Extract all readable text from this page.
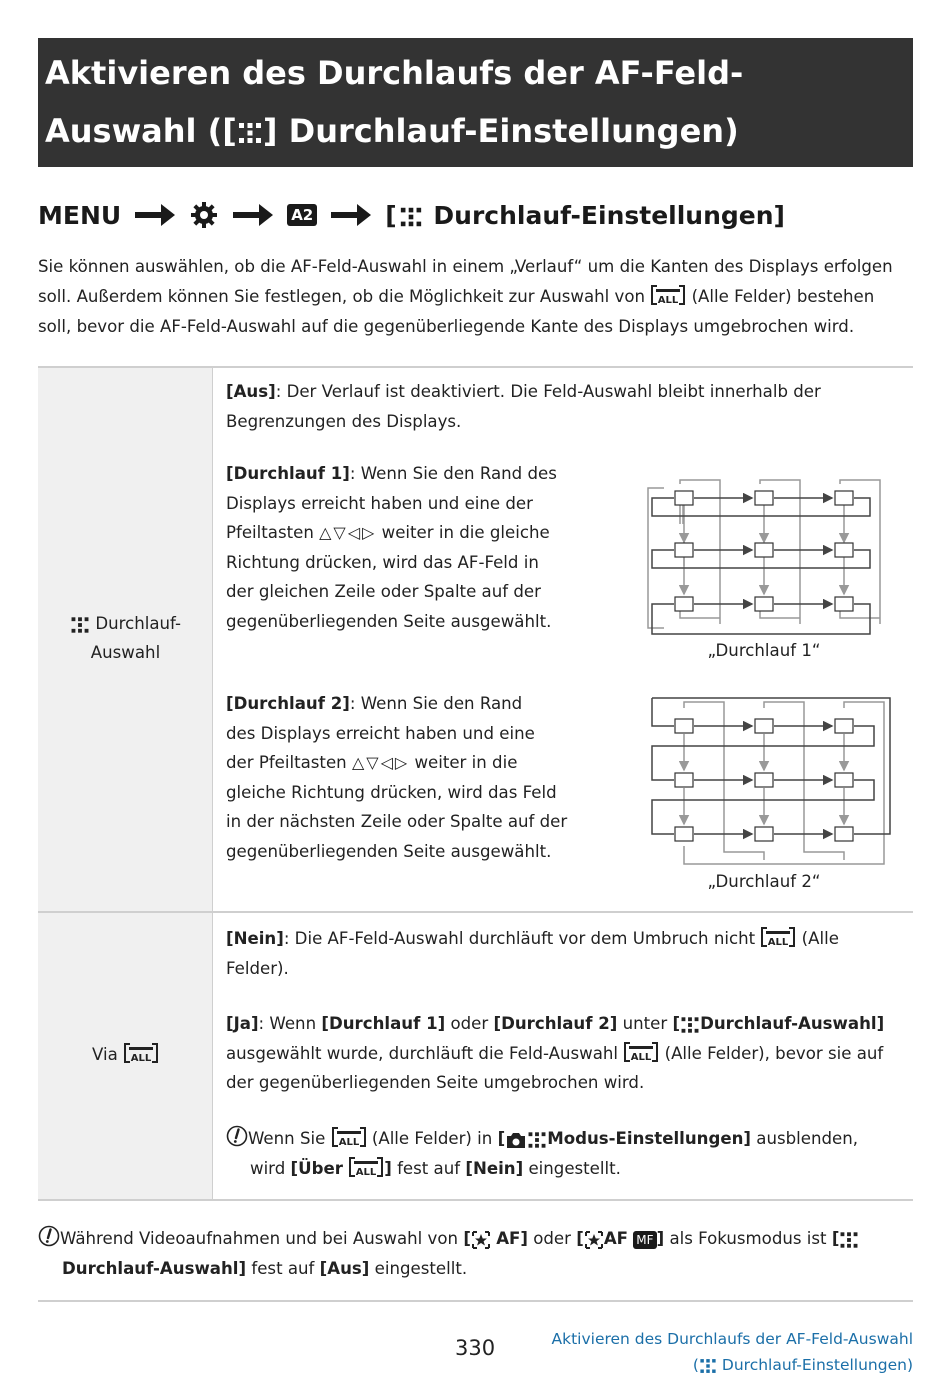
Aktivieren des Durchlaufs der AF-Feld-
Auswahl ([ ] Durchlauf-Einstellungen)
MENU	A2	[ Durchlauf-Einstellungen]

Sie können auswählen, ob die AF-Feld-Auswahl in einem „Verlauf“ um die Kanten des Displays erfolgen

soll. Außerdem können Sie festlegen, ob die Möglichkeit zur Auswahl von ALL (Alle Felder) bestehen

soll, bevor die AF-Feld-Auswahl auf die gegenüberliegende Kante des Displays umgebrochen wird.

Durchlauf-
Auswahl

[Aus]: Der Verlauf ist deaktiviert. Die Feld-Auswahl bleibt innerhalb der

Begrenzungen des Displays.

[Durchlauf 1]: Wenn Sie den Rand des

Displays erreicht haben und eine der

Pfeiltasten △▽◁▷ weiter in die gleiche

Richtung drücken, wird das AF-Feld in

der gleichen Zeile oder Spalte auf der

gegenüberliegenden Seite ausgewählt.

„Durchlauf 1“

[Durchlauf 2]: Wenn Sie den Rand

des Displays erreicht haben und eine

der Pfeiltasten △▽◁▷ weiter in die

gleiche Richtung drücken, wird das Feld

in der nächsten Zeile oder Spalte auf der

gegenüberliegenden Seite ausgewählt.

„Durchlauf 2“
Via ALL

[Nein]: Die AF-Feld-Auswahl durchläuft vor dem Umbruch nicht ALL (Alle

Felder).

[Ja]: Wenn [Durchlauf 1] oder [Durchlauf 2] unter [ Durchlauf-Auswahl]

ausgewählt wurde, durchläuft die Feld-Auswahl ALL (Alle Felder), bevor sie auf

der gegenüberliegenden Seite umgebrochen wird.

Wenn Sie ALL (Alle Felder) in [	Modus-Einstellungen] ausblenden,

wird [Über ALL ] fest auf [Nein] eingestellt.

Während Videoaufnahmen und bei Auswahl von [ AF] oder [ AF MF ] als Fokusmodus ist [

Durchlauf-Auswahl] fest auf [Aus] eingestellt.

330	Aktivieren des Durchlaufs der AF-Feld-Auswahl
( Durchlauf-Einstellungen)
